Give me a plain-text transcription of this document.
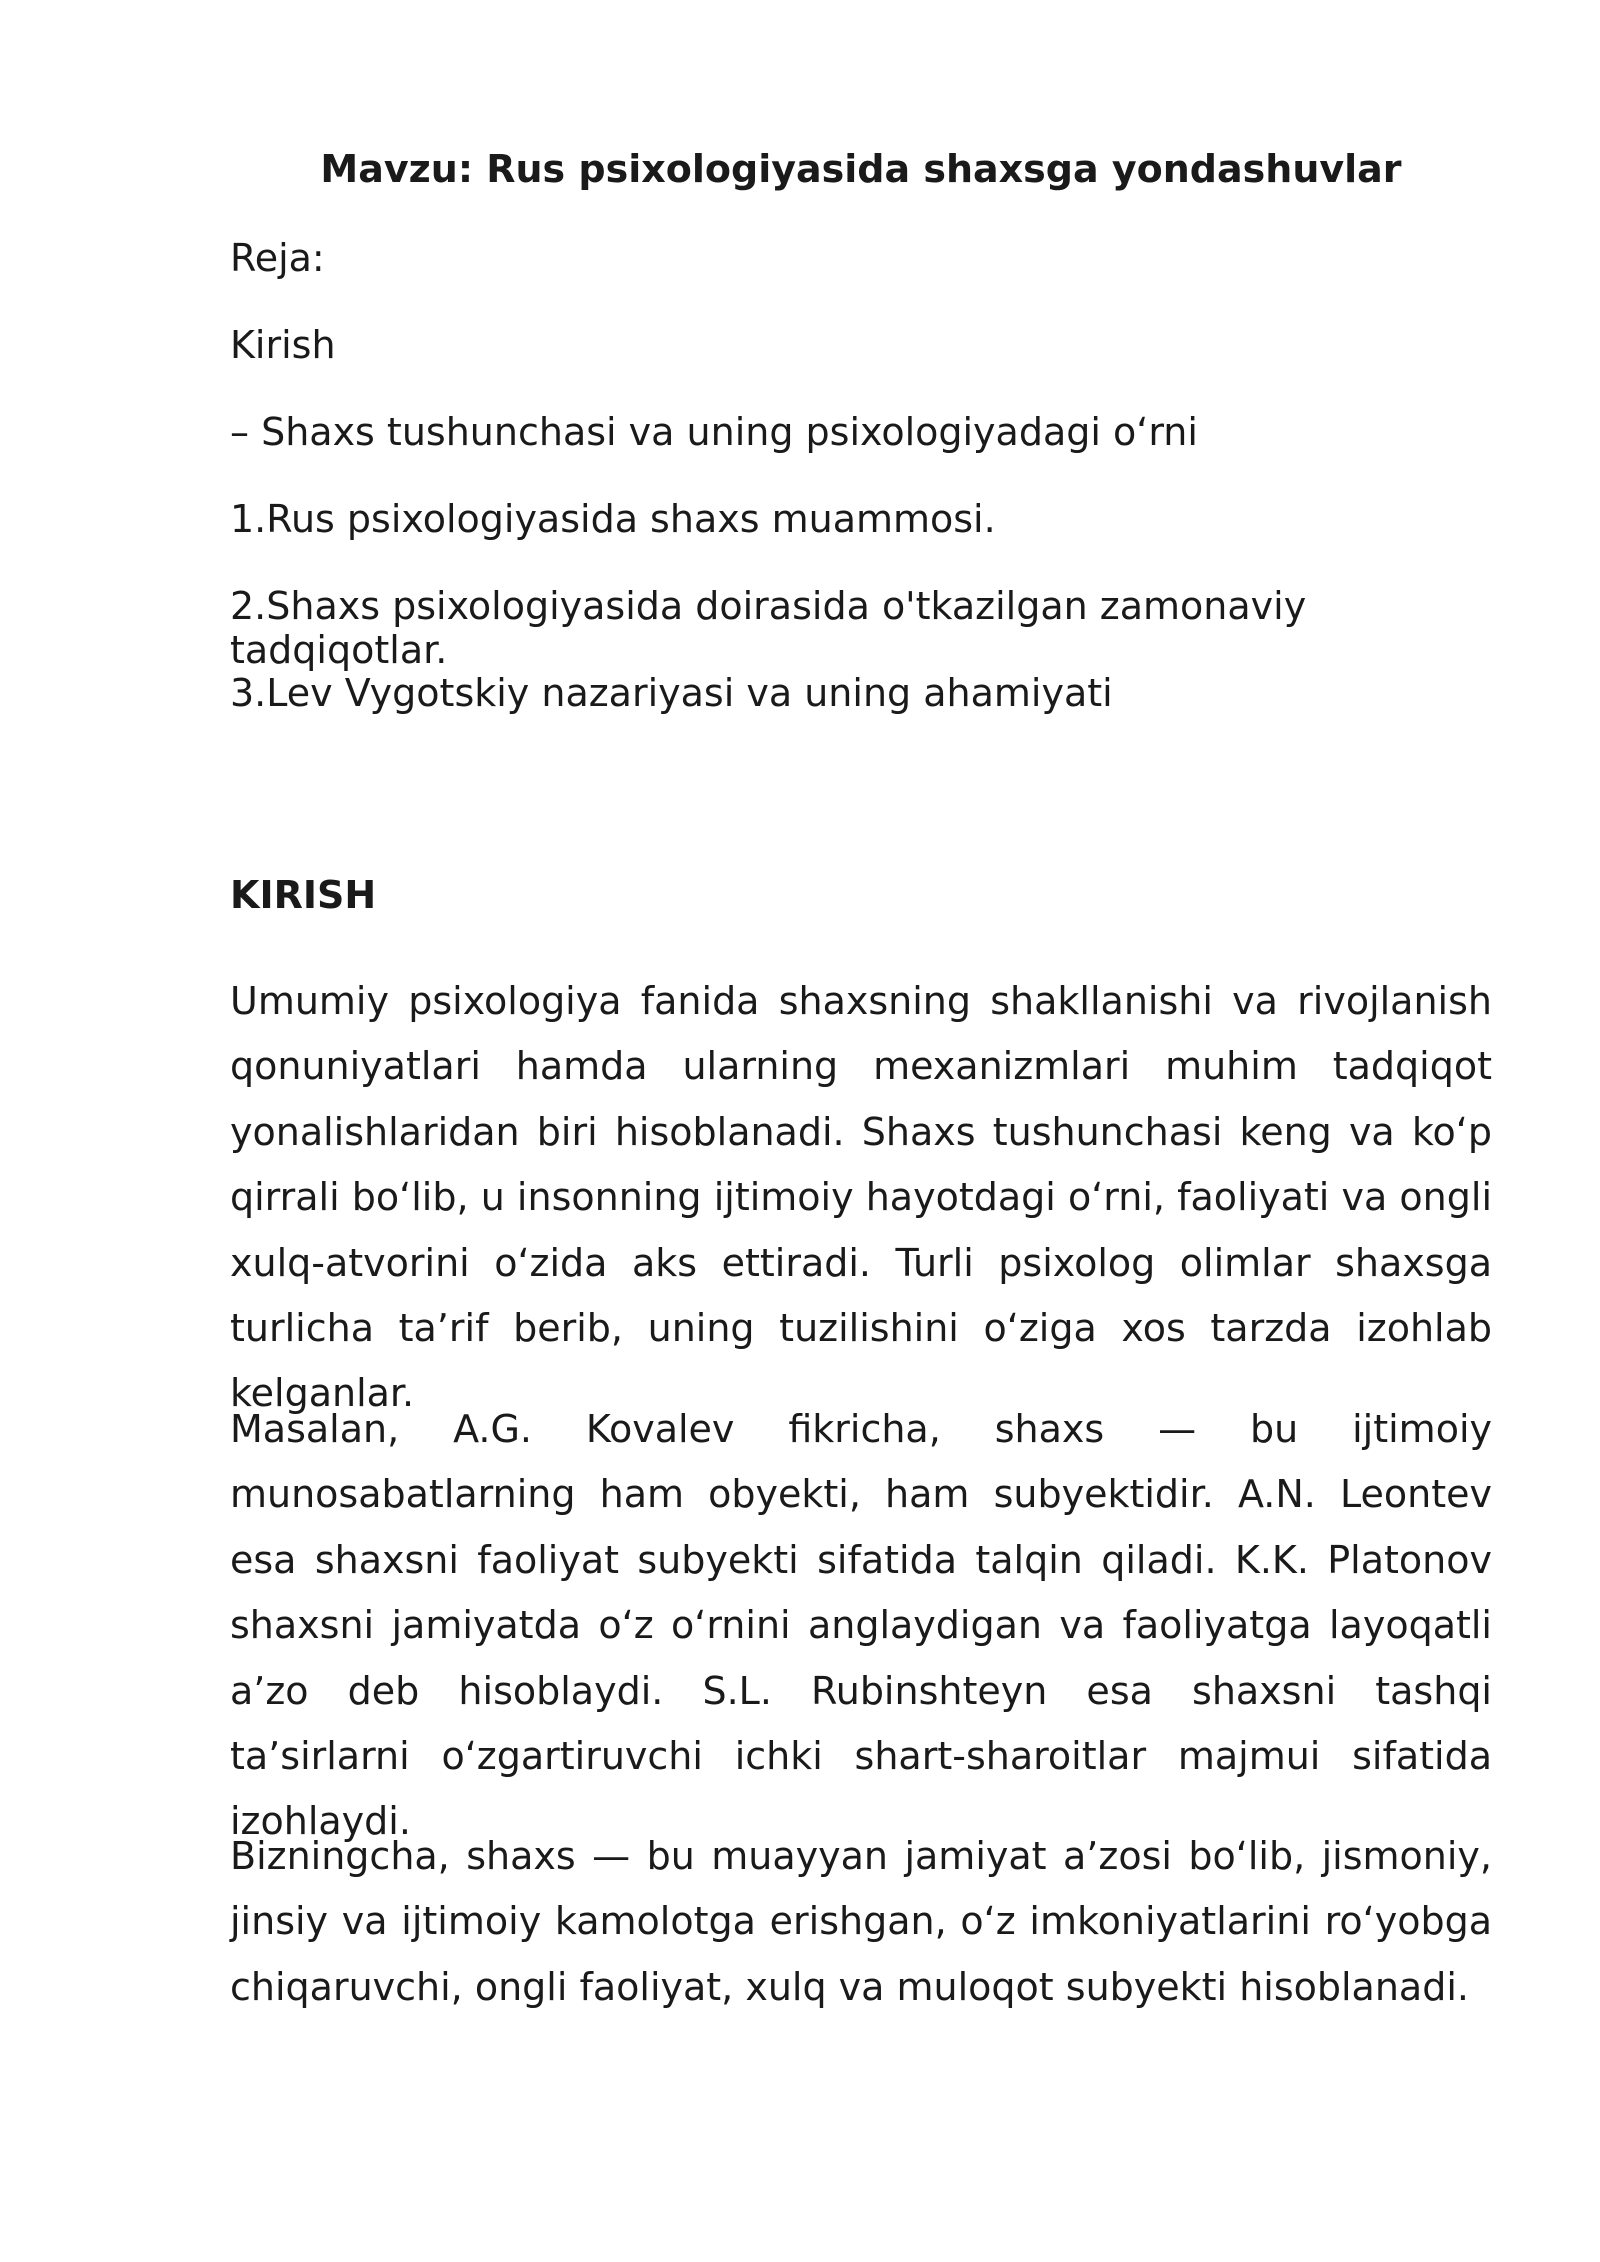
Mavzu: Rus psixologiyasida shaxsga yondashuvlar

Reja:

Kirish

– Shaxs tushunchasi va uning psixologiyadagi o‘rni

1.Rus psixologiyasida shaxs muammosi.

2.Shaxs psixologiyasida doirasida o'tkazilgan zamonaviy tadqiqotlar.

3.Lev Vygotskiy nazariyasi va uning ahamiyati

KIRISH

Umumiy psixologiya fanida shaxsning shakllanishi va rivojlanish qonuniyatlari hamda ularning mexanizmlari muhim tadqiqot yonalishlaridan biri hisoblanadi. Shaxs tushunchasi keng va ko‘p qirrali bo‘lib, u insonning ijtimoiy hayotdagi o‘rni, faoliyati va ongli xulq-atvorini o‘zida aks ettiradi. Turli psixolog olimlar shaxsga turlicha ta’rif berib, uning tuzilishini o‘ziga xos tarzda izohlab kelganlar.

Masalan, A.G. Kovalev fikricha, shaxs — bu ijtimoiy munosabatlarning ham obyekti, ham subyektidir. A.N. Leontev esa shaxsni faoliyat subyekti sifatida talqin qiladi. K.K. Platonov shaxsni jamiyatda o‘z o‘rnini anglaydigan va faoliyatga layoqatli a’zo deb hisoblaydi. S.L. Rubinshteyn esa shaxsni tashqi ta’sirlarni o‘zgartiruvchi ichki shart-sharoitlar majmui sifatida izohlaydi.

Bizningcha, shaxs — bu muayyan jamiyat a’zosi bo‘lib, jismoniy, jinsiy va ijtimoiy kamolotga erishgan, o‘z imkoniyatlarini ro‘yobga chiqaruvchi, ongli faoliyat, xulq va muloqot subyekti hisoblanadi.
